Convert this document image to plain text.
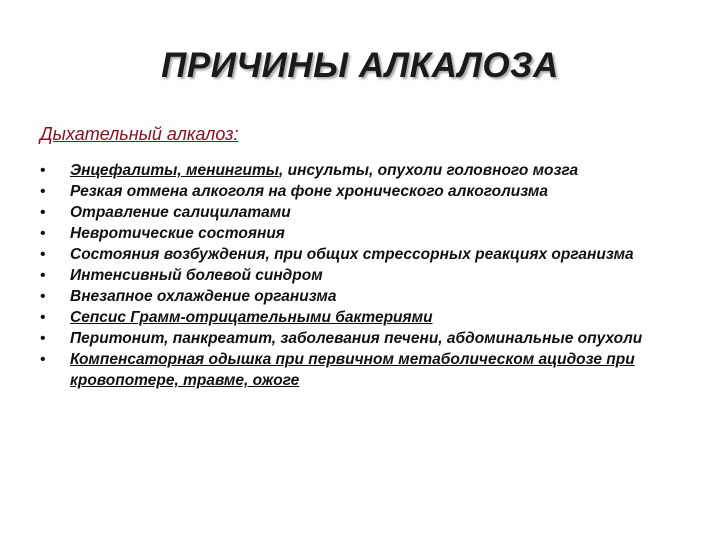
ПРИЧИНЫ АЛКАЛОЗА
Дыхательный алкалоз:
• Энцефалиты, менингиты, инсульты, опухоли головного мозга
• Резкая отмена алкоголя на фоне хронического алкоголизма
• Отравление салицилатами
• Невротические состояния
• Состояния возбуждения, при общих стрессорных реакциях организма
• Интенсивный болевой синдром
• Внезапное охлаждение организма
• Сепсис Грамм-отрицательными бактериями
• Перитонит, панкреатит, заболевания печени, абдоминальные опухоли
• Компенсаторная одышка при первичном метаболическом ацидозе при кровопотере, травме, ожоге
